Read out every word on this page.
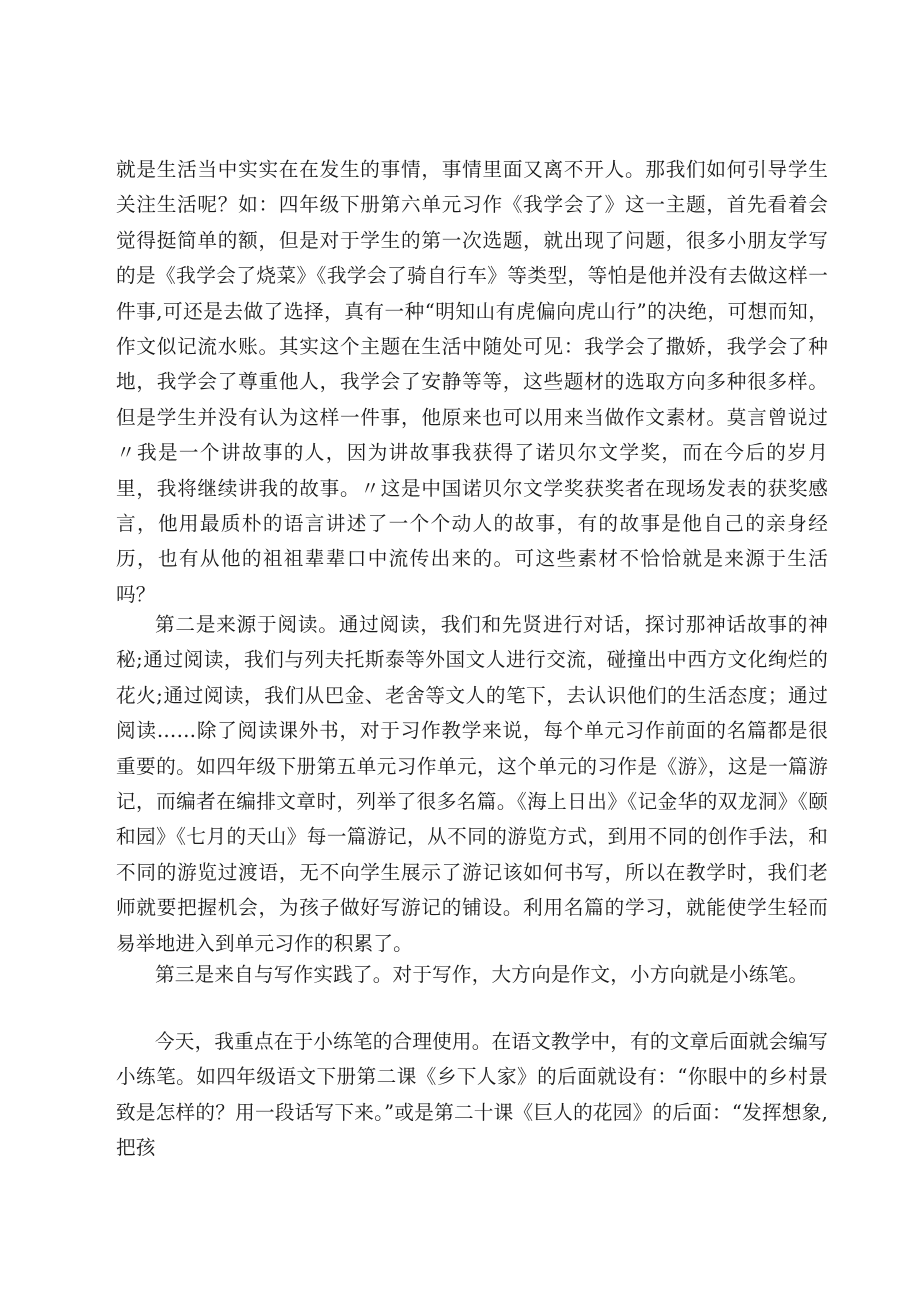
就是生活当中实实在在发生的事情，事情里面又离不开人。那我们如何引导学生关注生活呢？如：四年级下册第六单元习作《我学会了》这一主题，首先看着会觉得挺简单的额，但是对于学生的第一次选题，就出现了问题，很多小朋友学写的是《我学会了烧菜》《我学会了骑自行车》等类型，等怕是他并没有去做这样一件事,可还是去做了选择，真有一种“明知山有虎偏向虎山行”的决绝，可想而知，作文似记流水账。其实这个主题在生活中随处可见：我学会了撒娇，我学会了种地，我学会了尊重他人，我学会了安静等等，这些题材的选取方向多种很多样。但是学生并没有认为这样一件事，他原来也可以用来当做作文素材。莫言曾说过〃我是一个讲故事的人，因为讲故事我获得了诺贝尔文学奖，而在今后的岁月里，我将继续讲我的故事。〃这是中国诺贝尔文学奖获奖者在现场发表的获奖感言，他用最质朴的语言讲述了一个个动人的故事，有的故事是他自己的亲身经历，也有从他的祖祖辈辈口中流传出来的。可这些素材不恰恰就是来源于生活吗？

第二是来源于阅读。通过阅读，我们和先贤进行对话，探讨那神话故事的神秘;通过阅读，我们与列夫托斯泰等外国文人进行交流，碰撞出中西方文化绚烂的花火;通过阅读，我们从巴金、老舍等文人的笔下，去认识他们的生活态度；通过阅读……除了阅读课外书，对于习作教学来说，每个单元习作前面的名篇都是很重要的。如四年级下册第五单元习作单元，这个单元的习作是《游》，这是一篇游记，而编者在编排文章时，列举了很多名篇。《海上日出》《记金华的双龙洞》《颐和园》《七月的天山》每一篇游记，从不同的游览方式，到用不同的创作手法，和不同的游览过渡语，无不向学生展示了游记该如何书写，所以在教学时，我们老师就要把握机会，为孩子做好写游记的铺设。利用名篇的学习，就能使学生轻而易举地进入到单元习作的积累了。

第三是来自与写作实践了。对于写作，大方向是作文，小方向就是小练笔。

今天，我重点在于小练笔的合理使用。在语文教学中，有的文章后面就会编写小练笔。如四年级语文下册第二课《乡下人家》的后面就设有：“你眼中的乡村景致是怎样的？用一段话写下来。”或是第二十课《巨人的花园》的后面：“发挥想象,把孩
